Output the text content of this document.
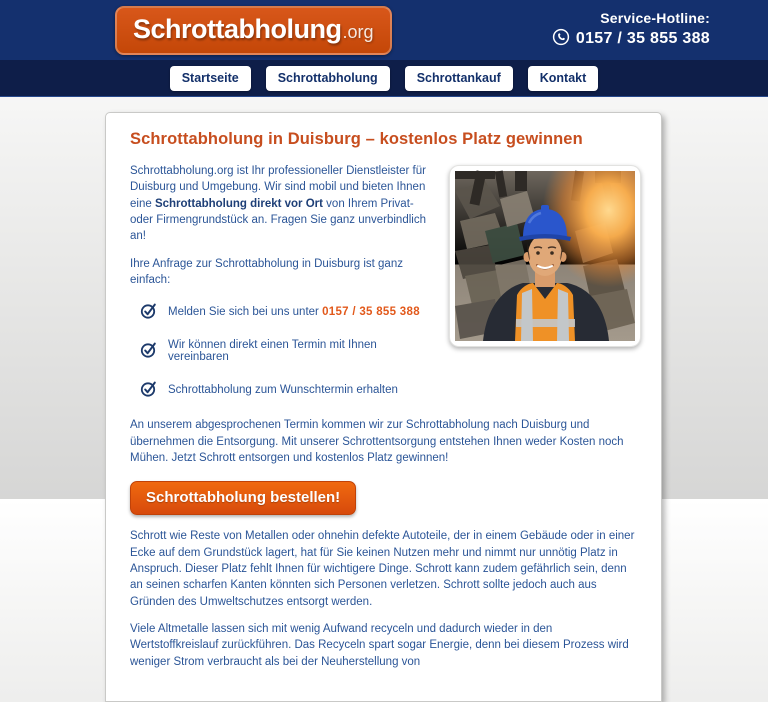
Schrottabholung .org
Service-Hotline:
0157 / 35 855 388
Startseite	Schrottabholung	Schrottankauf	Kontakt
Schrottabholung in Duisburg – kostenlos Platz gewinnen

Schrottabholung.org ist Ihr professioneller Dienstleister für Duisburg und Umgebung. Wir sind mobil und bieten Ihnen eine Schrottabholung direkt vor Ort von Ihrem Privat- oder Firmengrundstück an. Fragen Sie ganz unverbindlich an!

Ihre Anfrage zur Schrottabholung in Duisburg ist ganz einfach:

Melden Sie sich bei uns unter 0157 / 35 855 388
Wir können direkt einen Termin mit Ihnen vereinbaren
Schrottabholung zum Wunschtermin erhalten

An unserem abgesprochenen Termin kommen wir zur Schrottabholung nach Duisburg und übernehmen die Entsorgung. Mit unserer Schrottentsorgung entstehen Ihnen weder Kosten noch Mühen. Jetzt Schrott entsorgen und kostenlos Platz gewinnen!

Schrottabholung bestellen!

Schrott wie Reste von Metallen oder ohnehin defekte Autoteile, der in einem Gebäude oder in einer Ecke auf dem Grundstück lagert, hat für Sie keinen Nutzen mehr und nimmt nur unnötig Platz in Anspruch. Dieser Platz fehlt Ihnen für wichtigere Dinge. Schrott kann zudem gefährlich sein, denn an seinen scharfen Kanten könnten sich Personen verletzen. Schrott sollte jedoch auch aus Gründen des Umweltschutzes entsorgt werden.

Viele Altmetalle lassen sich mit wenig Aufwand recyceln und dadurch wieder in den Wertstoffkreislauf zurückführen. Das Recyceln spart sogar Energie, denn bei diesem Prozess wird weniger Strom verbraucht als bei der Neuherstellung von
